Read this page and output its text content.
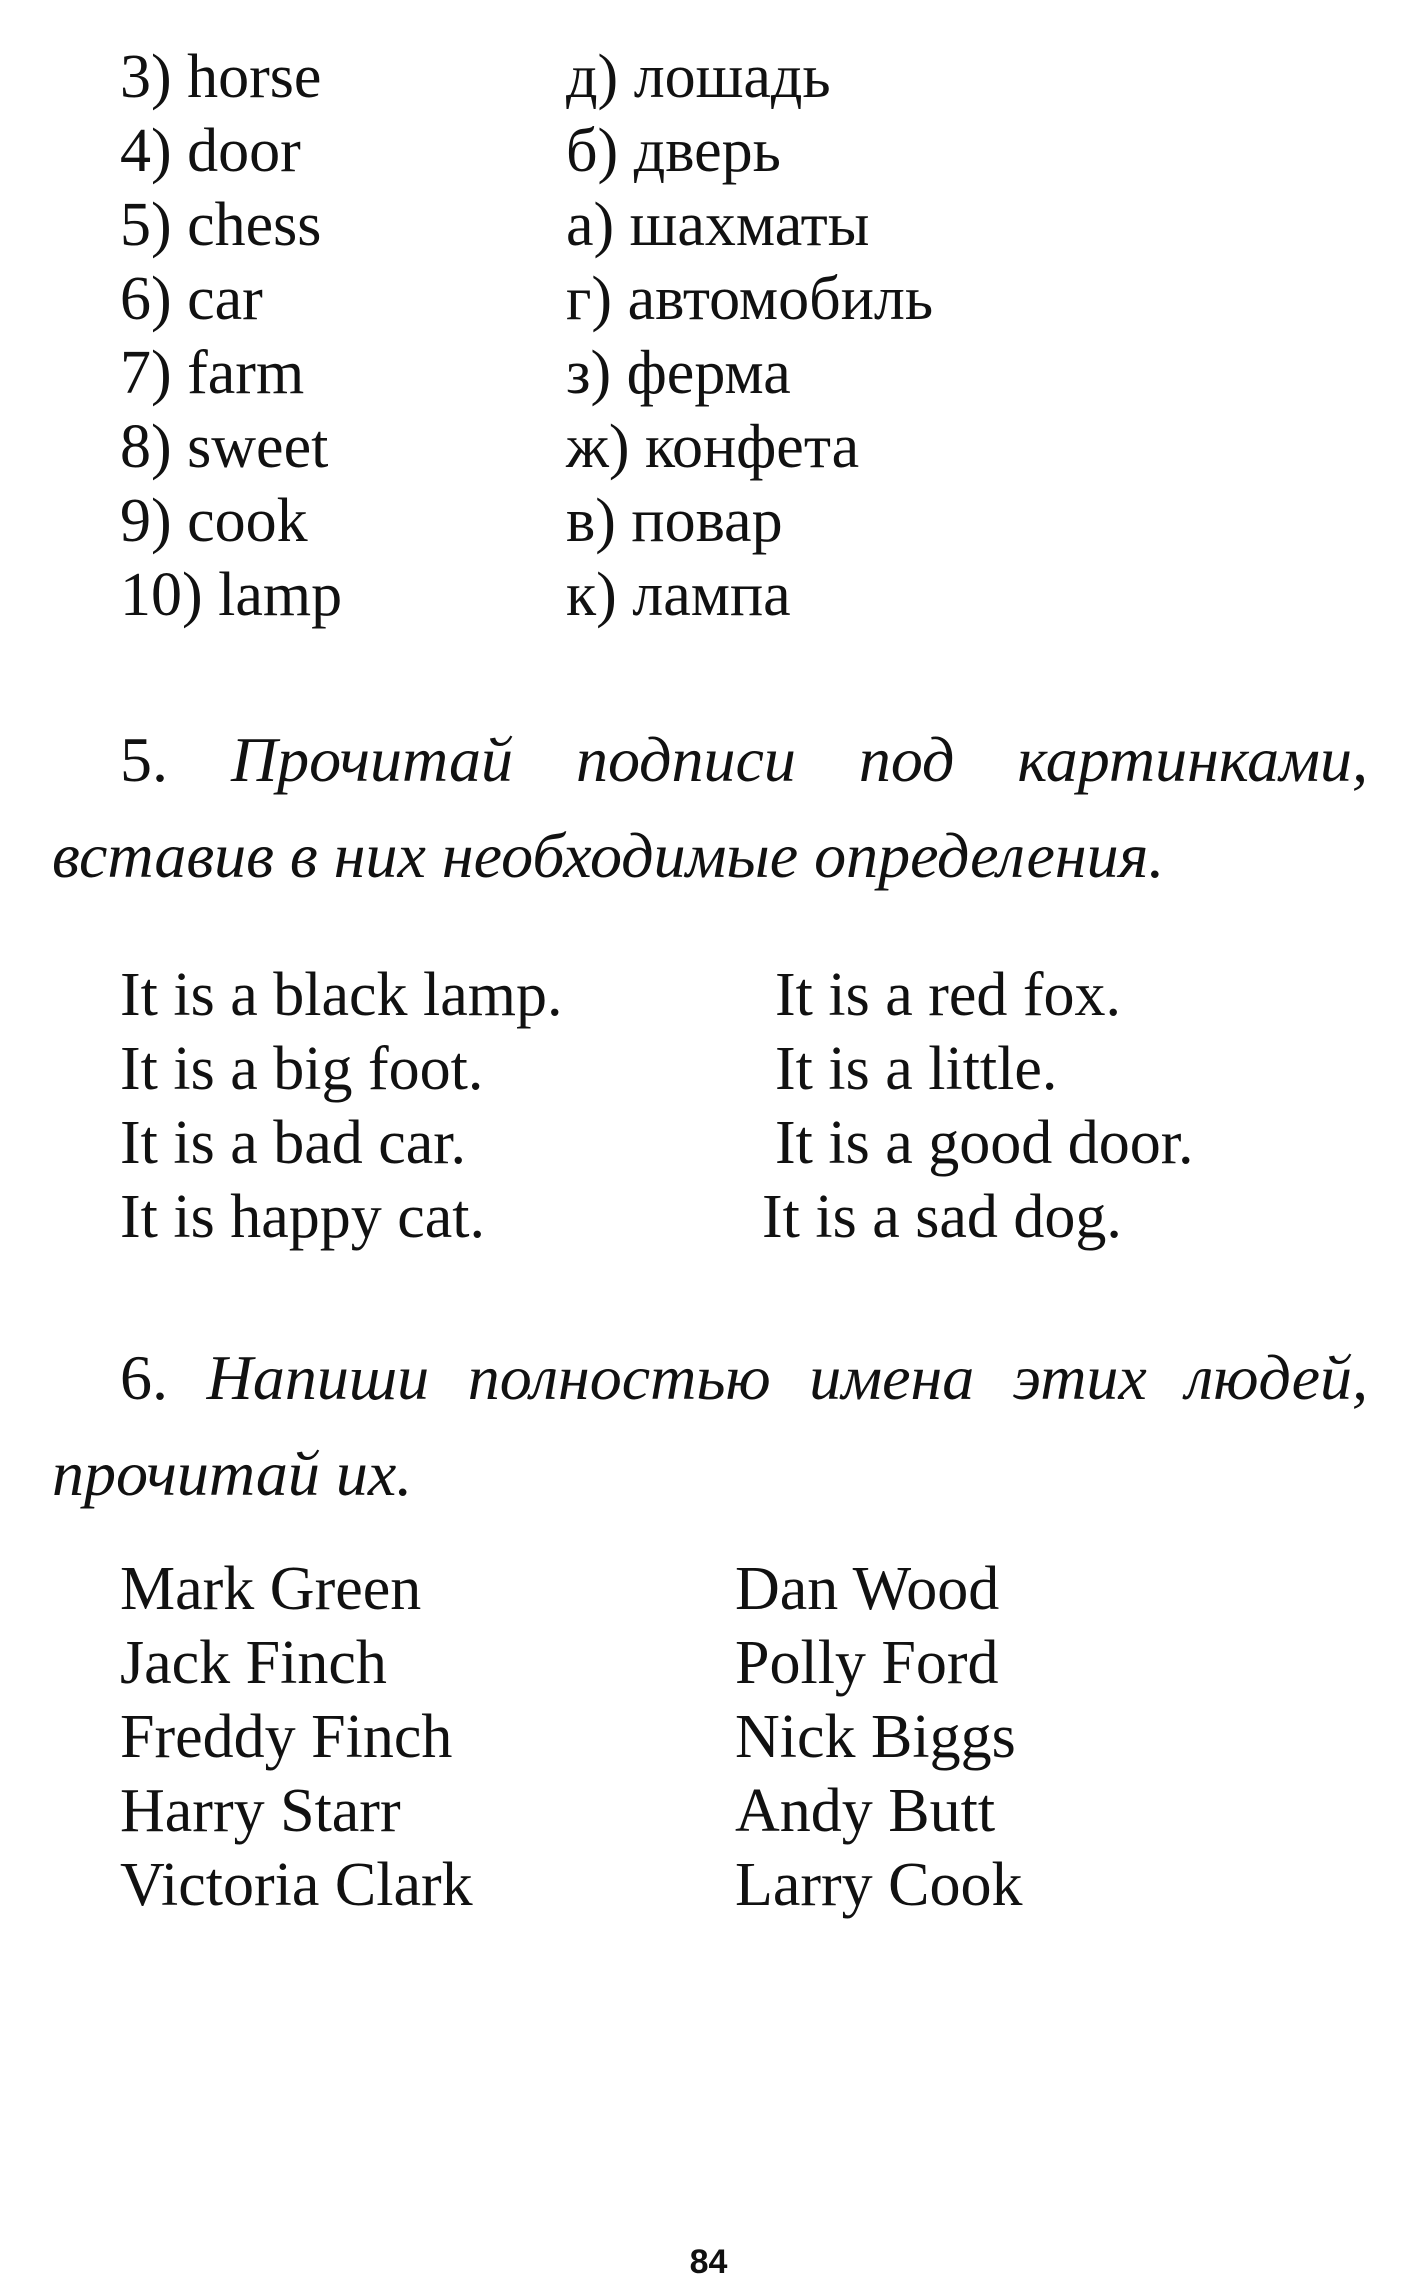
3) horse	д) лошадь
4) door	б) дверь
5) chess	а) шахматы
6) car	г) автомобиль
7) farm	з) ферма
8) sweet	ж) конфета
9) cook	в) повар
10) lamp	к) лампа
5. Прочитай подписи под картинками,
вставив в них необходимые определения.
It is a black lamp.	It is a red fox.
It is a big foot.	It is a little.
It is a bad car.	It is a good door.
It is happy cat.	It is a sad dog.
6. Напиши полностью имена этих людей,
прочитай их.
Mark Green	Dan Wood
Jack Finch	Polly Ford
Freddy Finch	Nick Biggs
Harry Starr	Andy Butt
Victoria Clark	Larry Cook
84
